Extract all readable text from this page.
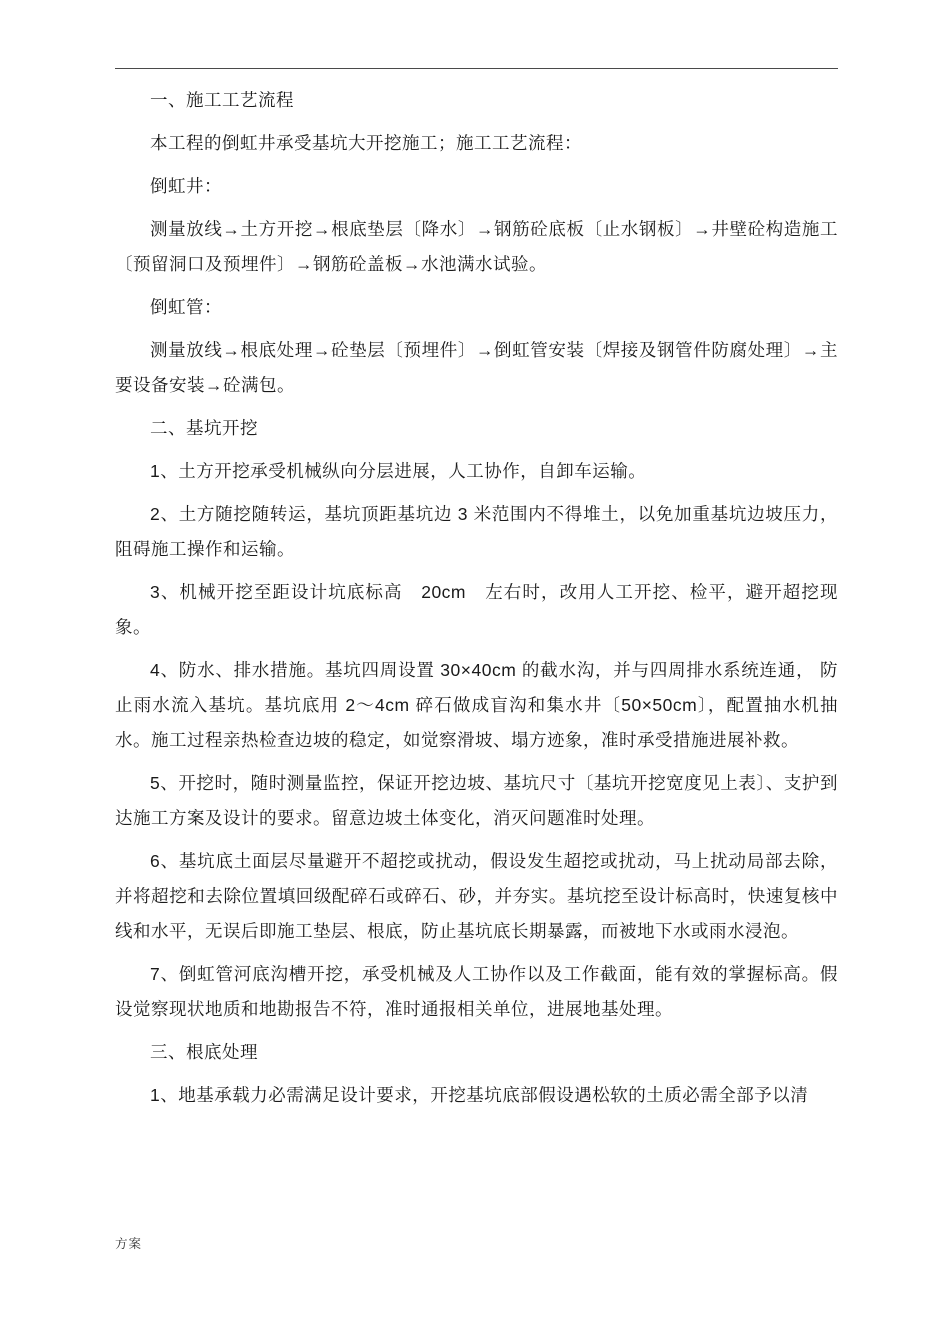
一、施工工艺流程

本工程的倒虹井承受基坑大开挖施工；施工工艺流程：

倒虹井：

测量放线→土方开挖→根底垫层〔降水〕→钢筋砼底板〔止水钢板〕→井壁砼构造施工〔预留洞口及预埋件〕→钢筋砼盖板→水池满水试验。

倒虹管：

测量放线→根底处理→砼垫层〔预埋件〕→倒虹管安装〔焊接及钢管件防腐处理〕→主要设备安装→砼满包。

二、基坑开挖

1、土方开挖承受机械纵向分层进展，人工协作，自卸车运输。

2、土方随挖随转运，基坑顶距基坑边 3 米范围内不得堆土，以免加重基坑边坡压力，阻碍施工操作和运输。

3、机械开挖至距设计坑底标高　20cm　左右时，改用人工开挖、检平，避开超挖现象。

4、防水、排水措施。基坑四周设置 30×40cm 的截水沟，并与四周排水系统连通， 防止雨水流入基坑。基坑底用 2～4cm 碎石做成盲沟和集水井〔50×50cm〕，配置抽水机抽水。施工过程亲热检查边坡的稳定，如觉察滑坡、塌方迹象，准时承受措施进展补救。

5、开挖时，随时测量监控，保证开挖边坡、基坑尺寸〔基坑开挖宽度见上表〕、支护到达施工方案及设计的要求。留意边坡土体变化，消灭问题准时处理。

6、基坑底土面层尽量避开不超挖或扰动，假设发生超挖或扰动，马上扰动局部去除， 并将超挖和去除位置填回级配碎石或碎石、砂，并夯实。基坑挖至设计标高时，快速复核中线和水平，无误后即施工垫层、根底，防止基坑底长期暴露，而被地下水或雨水浸泡。

7、倒虹管河底沟槽开挖，承受机械及人工协作以及工作截面，能有效的掌握标高。假设觉察现状地质和地勘报告不符，准时通报相关单位，进展地基处理。

三、根底处理

1、地基承载力必需满足设计要求，开挖基坑底部假设遇松软的土质必需全部予以清

方案
